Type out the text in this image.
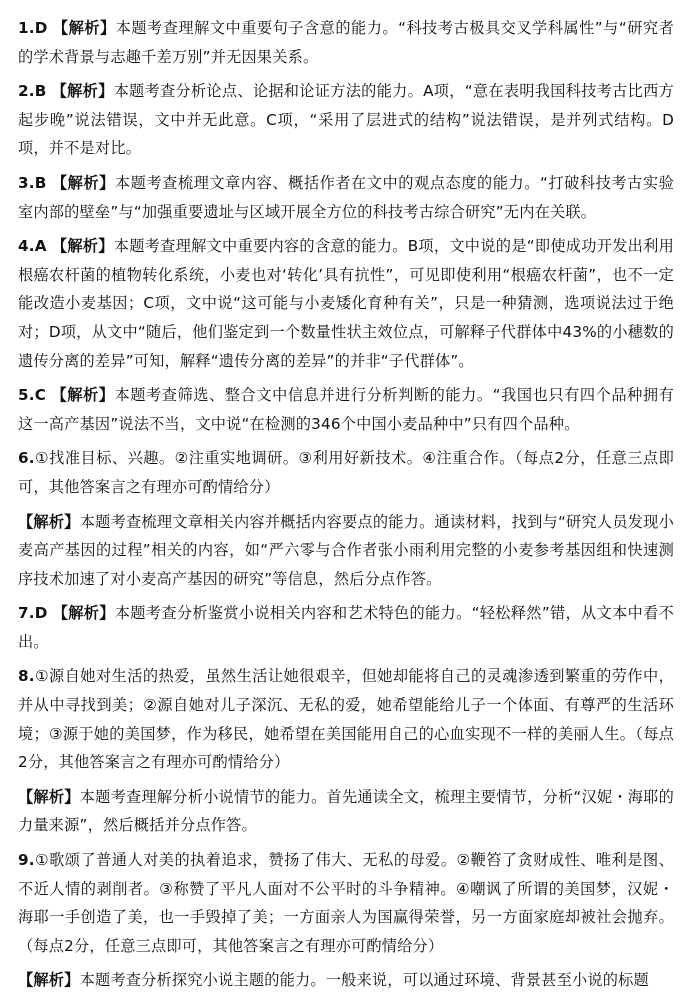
1.D 【解析】本题考查理解文中重要句子含意的能力。“科技考古极具交叉学科属性”与“研究者的学术背景与志趣千差万别”并无因果关系。

2.B 【解析】本题考查分析论点、论据和论证方法的能力。A项，“意在表明我国科技考古比西方起步晚”说法错误，文中并无此意。C项，“采用了层进式的结构”说法错误，是并列式结构。D项，并不是对比。

3.B 【解析】本题考查梳理文章内容、概括作者在文中的观点态度的能力。“打破科技考古实验室内部的壁垒”与“加强重要遗址与区域开展全方位的科技考古综合研究”无内在关联。

4.A 【解析】本题考查理解文中重要内容的含意的能力。B项，文中说的是“即使成功开发出利用根癌农杆菌的植物转化系统，小麦也对‘转化’具有抗性”，可见即使利用“根癌农杆菌”，也不一定能改造小麦基因；C项，文中说“这可能与小麦矮化育种有关”，只是一种猜测，选项说法过于绝对；D项，从文中“随后，他们鉴定到一个数量性状主效位点，可解释子代群体中43%的小穗数的遗传分离的差异”可知，解释“遗传分离的差异”的并非“子代群体”。

5.C 【解析】本题考查筛选、整合文中信息并进行分析判断的能力。“我国也只有四个品种拥有这一高产基因”说法不当，文中说“在检测的346个中国小麦品种中”只有四个品种。

6.①找准目标、兴趣。②注重实地调研。③利用好新技术。④注重合作。（每点2分，任意三点即可，其他答案言之有理亦可酌情给分）

【解析】本题考查梳理文章相关内容并概括内容要点的能力。通读材料，找到与“研究人员发现小麦高产基因的过程”相关的内容，如“严六零与合作者张小雨利用完整的小麦参考基因组和快速测序技术加速了对小麦高产基因的研究”等信息，然后分点作答。

7.D 【解析】本题考查分析鉴赏小说相关内容和艺术特色的能力。“轻松释然”错，从文本中看不出。

8.①源自她对生活的热爱，虽然生活让她很艰辛，但她却能将自己的灵魂渗透到繁重的劳作中，并从中寻找到美；②源自她对儿子深沉、无私的爱，她希望能给儿子一个体面、有尊严的生活环境；③源于她的美国梦，作为移民，她希望在美国能用自己的心血实现不一样的美丽人生。（每点2分，其他答案言之有理亦可酌情给分）

【解析】本题考查理解分析小说情节的能力。首先通读全文，梳理主要情节，分析“汉妮・海耶的力量来源”，然后概括并分点作答。

9.①歌颂了普通人对美的执着追求，赞扬了伟大、无私的母爱。②鞭笞了贪财成性、唯利是图、不近人情的剥削者。③称赞了平凡人面对不公平时的斗争精神。④嘲讽了所谓的美国梦，汉妮・海耶一手创造了美，也一手毁掉了美；一方面亲人为国赢得荣誉，另一方面家庭却被社会抛弃。（每点2分，任意三点即可，其他答案言之有理亦可酌情给分）

【解析】本题考查分析探究小说主题的能力。一般来说，可以通过环境、背景甚至小说的标题
